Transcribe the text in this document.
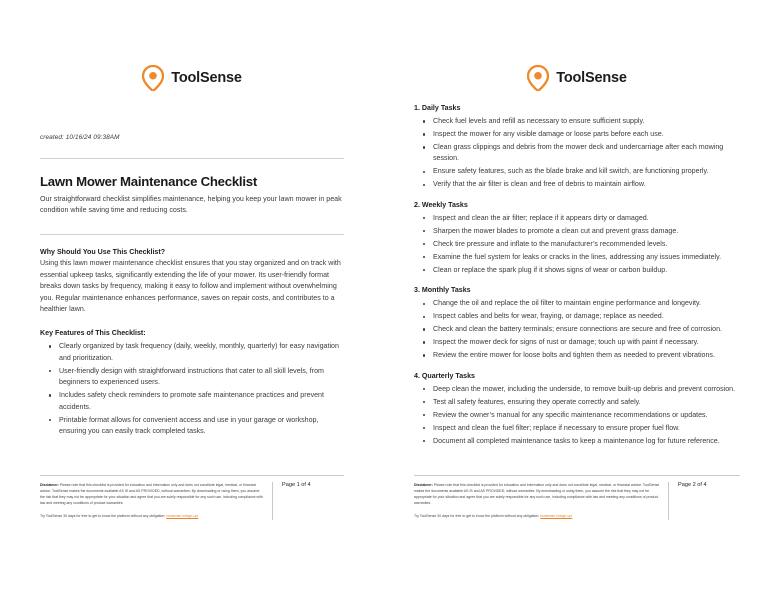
ToolSense
created: 10/16/24 09:38AM
Lawn Mower Maintenance Checklist
Our straightforward checklist simplifies maintenance, helping you keep your lawn mower in peak condition while saving time and reducing costs.
Why Should You Use This Checklist?
Using this lawn mower maintenance checklist ensures that you stay organized and on track with essential upkeep tasks, significantly extending the life of your mower. Its user-friendly format breaks down tasks by frequency, making it easy to follow and implement without overwhelming you. Regular maintenance enhances performance, saves on repair costs, and contributes to a healthier lawn.
Key Features of This Checklist:
Clearly organized by task frequency (daily, weekly, monthly, quarterly) for easy navigation and prioritization.
User-friendly design with straightforward instructions that cater to all skill levels, from beginners to experienced users.
Includes safety check reminders to promote safe maintenance practices and prevent accidents.
Printable format allows for convenient access and use in your garage or workshop, ensuring you can easily track completed tasks.
Disclaimer: Please note that this checklist is provided for education and information only and does not constitute legal, medical, or financial advice. ToolSense makes the documents available AS IS and AS PROVIDED, without warranties. By downloading or using them, you assume the risk that they may not be appropriate for your situation and agree that you are solely responsible for any such use, including compliance with law and meeting any conditions of product warranties.
Try ToolSense 30 days for free to get to know the platform without any obligation: toolsense.io/sign-up/
Page 1 of 4
ToolSense
1. Daily Tasks
Check fuel levels and refill as necessary to ensure sufficient supply.
Inspect the mower for any visible damage or loose parts before each use.
Clean grass clippings and debris from the mower deck and undercarriage after each mowing session.
Ensure safety features, such as the blade brake and kill switch, are functioning properly.
Verify that the air filter is clean and free of debris to maintain airflow.
2. Weekly Tasks
Inspect and clean the air filter; replace if it appears dirty or damaged.
Sharpen the mower blades to promote a clean cut and prevent grass damage.
Check tire pressure and inflate to the manufacturer’s recommended levels.
Examine the fuel system for leaks or cracks in the lines, addressing any issues immediately.
Clean or replace the spark plug if it shows signs of wear or carbon buildup.
3. Monthly Tasks
Change the oil and replace the oil filter to maintain engine performance and longevity.
Inspect cables and belts for wear, fraying, or damage; replace as needed.
Check and clean the battery terminals; ensure connections are secure and free of corrosion.
Inspect the mower deck for signs of rust or damage; touch up with paint if necessary.
Review the entire mower for loose bolts and tighten them as needed to prevent vibrations.
4. Quarterly Tasks
Deep clean the mower, including the underside, to remove built-up debris and prevent corrosion.
Test all safety features, ensuring they operate correctly and safely.
Review the owner’s manual for any specific maintenance recommendations or updates.
Inspect and clean the fuel filter; replace if necessary to ensure proper fuel flow.
Document all completed maintenance tasks to keep a maintenance log for future reference.
Disclaimer: Please note that this checklist is provided for education and information only and does not constitute legal, medical, or financial advice. ToolSense makes the documents available AS IS and AS PROVIDED, without warranties. By downloading or using them, you assume the risk that they may not be appropriate for your situation and agree that you are solely responsible for any such use, including compliance with law and meeting any conditions of product warranties.
Try ToolSense 30 days for free to get to know the platform without any obligation: toolsense.io/sign-up/
Page 2 of 4
